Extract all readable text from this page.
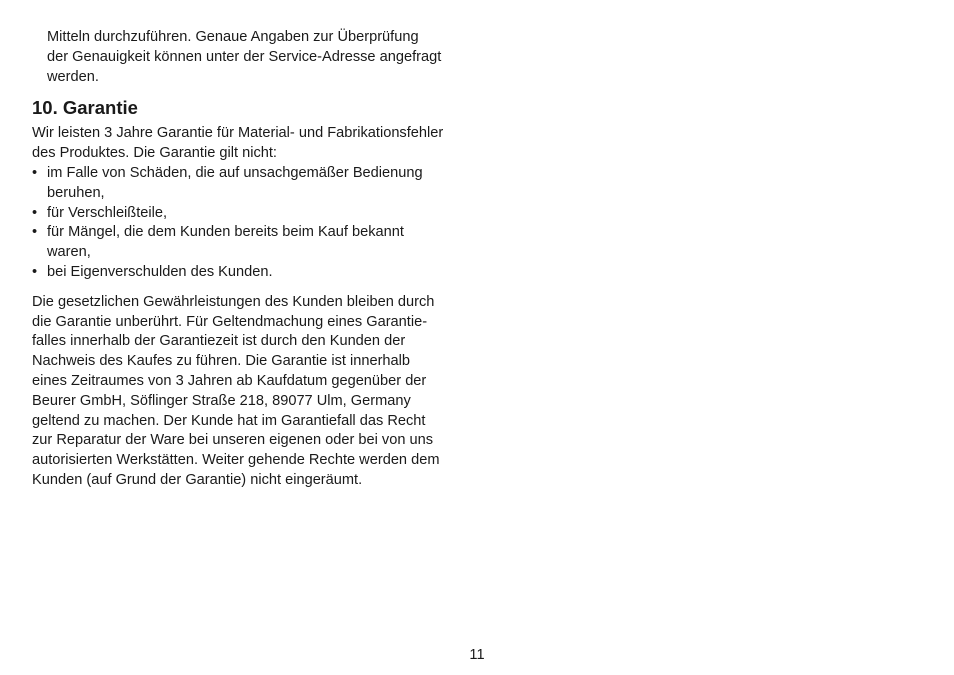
Mitteln durchzuführen. Genaue Angaben zur Überprüfung
der Genauigkeit können unter der Service-Adresse angefragt
werden.
10. Garantie
Wir leisten 3 Jahre Garantie für Material- und Fabrikationsfehler
des Produktes. Die Garantie gilt nicht:
• im Falle von Schäden, die auf unsachgemäßer Bedienung
beruhen,
• für Verschleißteile,
• für Mängel, die dem Kunden bereits beim Kauf bekannt
waren,
• bei Eigenverschulden des Kunden.
Die gesetzlichen Gewährleistungen des Kunden bleiben durch
die Garantie unberührt. Für Geltendmachung eines Garantie-
falles innerhalb der Garantiezeit ist durch den Kunden der
Nachweis des Kaufes zu führen. Die Garantie ist innerhalb
eines Zeitraumes von 3 Jahren ab Kaufdatum gegenüber der
Beurer GmbH, Söflinger Straße 218, 89077 Ulm, Germany
geltend zu machen. Der Kunde hat im Garantiefall das Recht
zur Reparatur der Ware bei unseren eigenen oder bei von uns
autorisierten Werkstätten. Weiter gehende Rechte werden dem
Kunden (auf Grund der Garantie) nicht eingeräumt.
11
